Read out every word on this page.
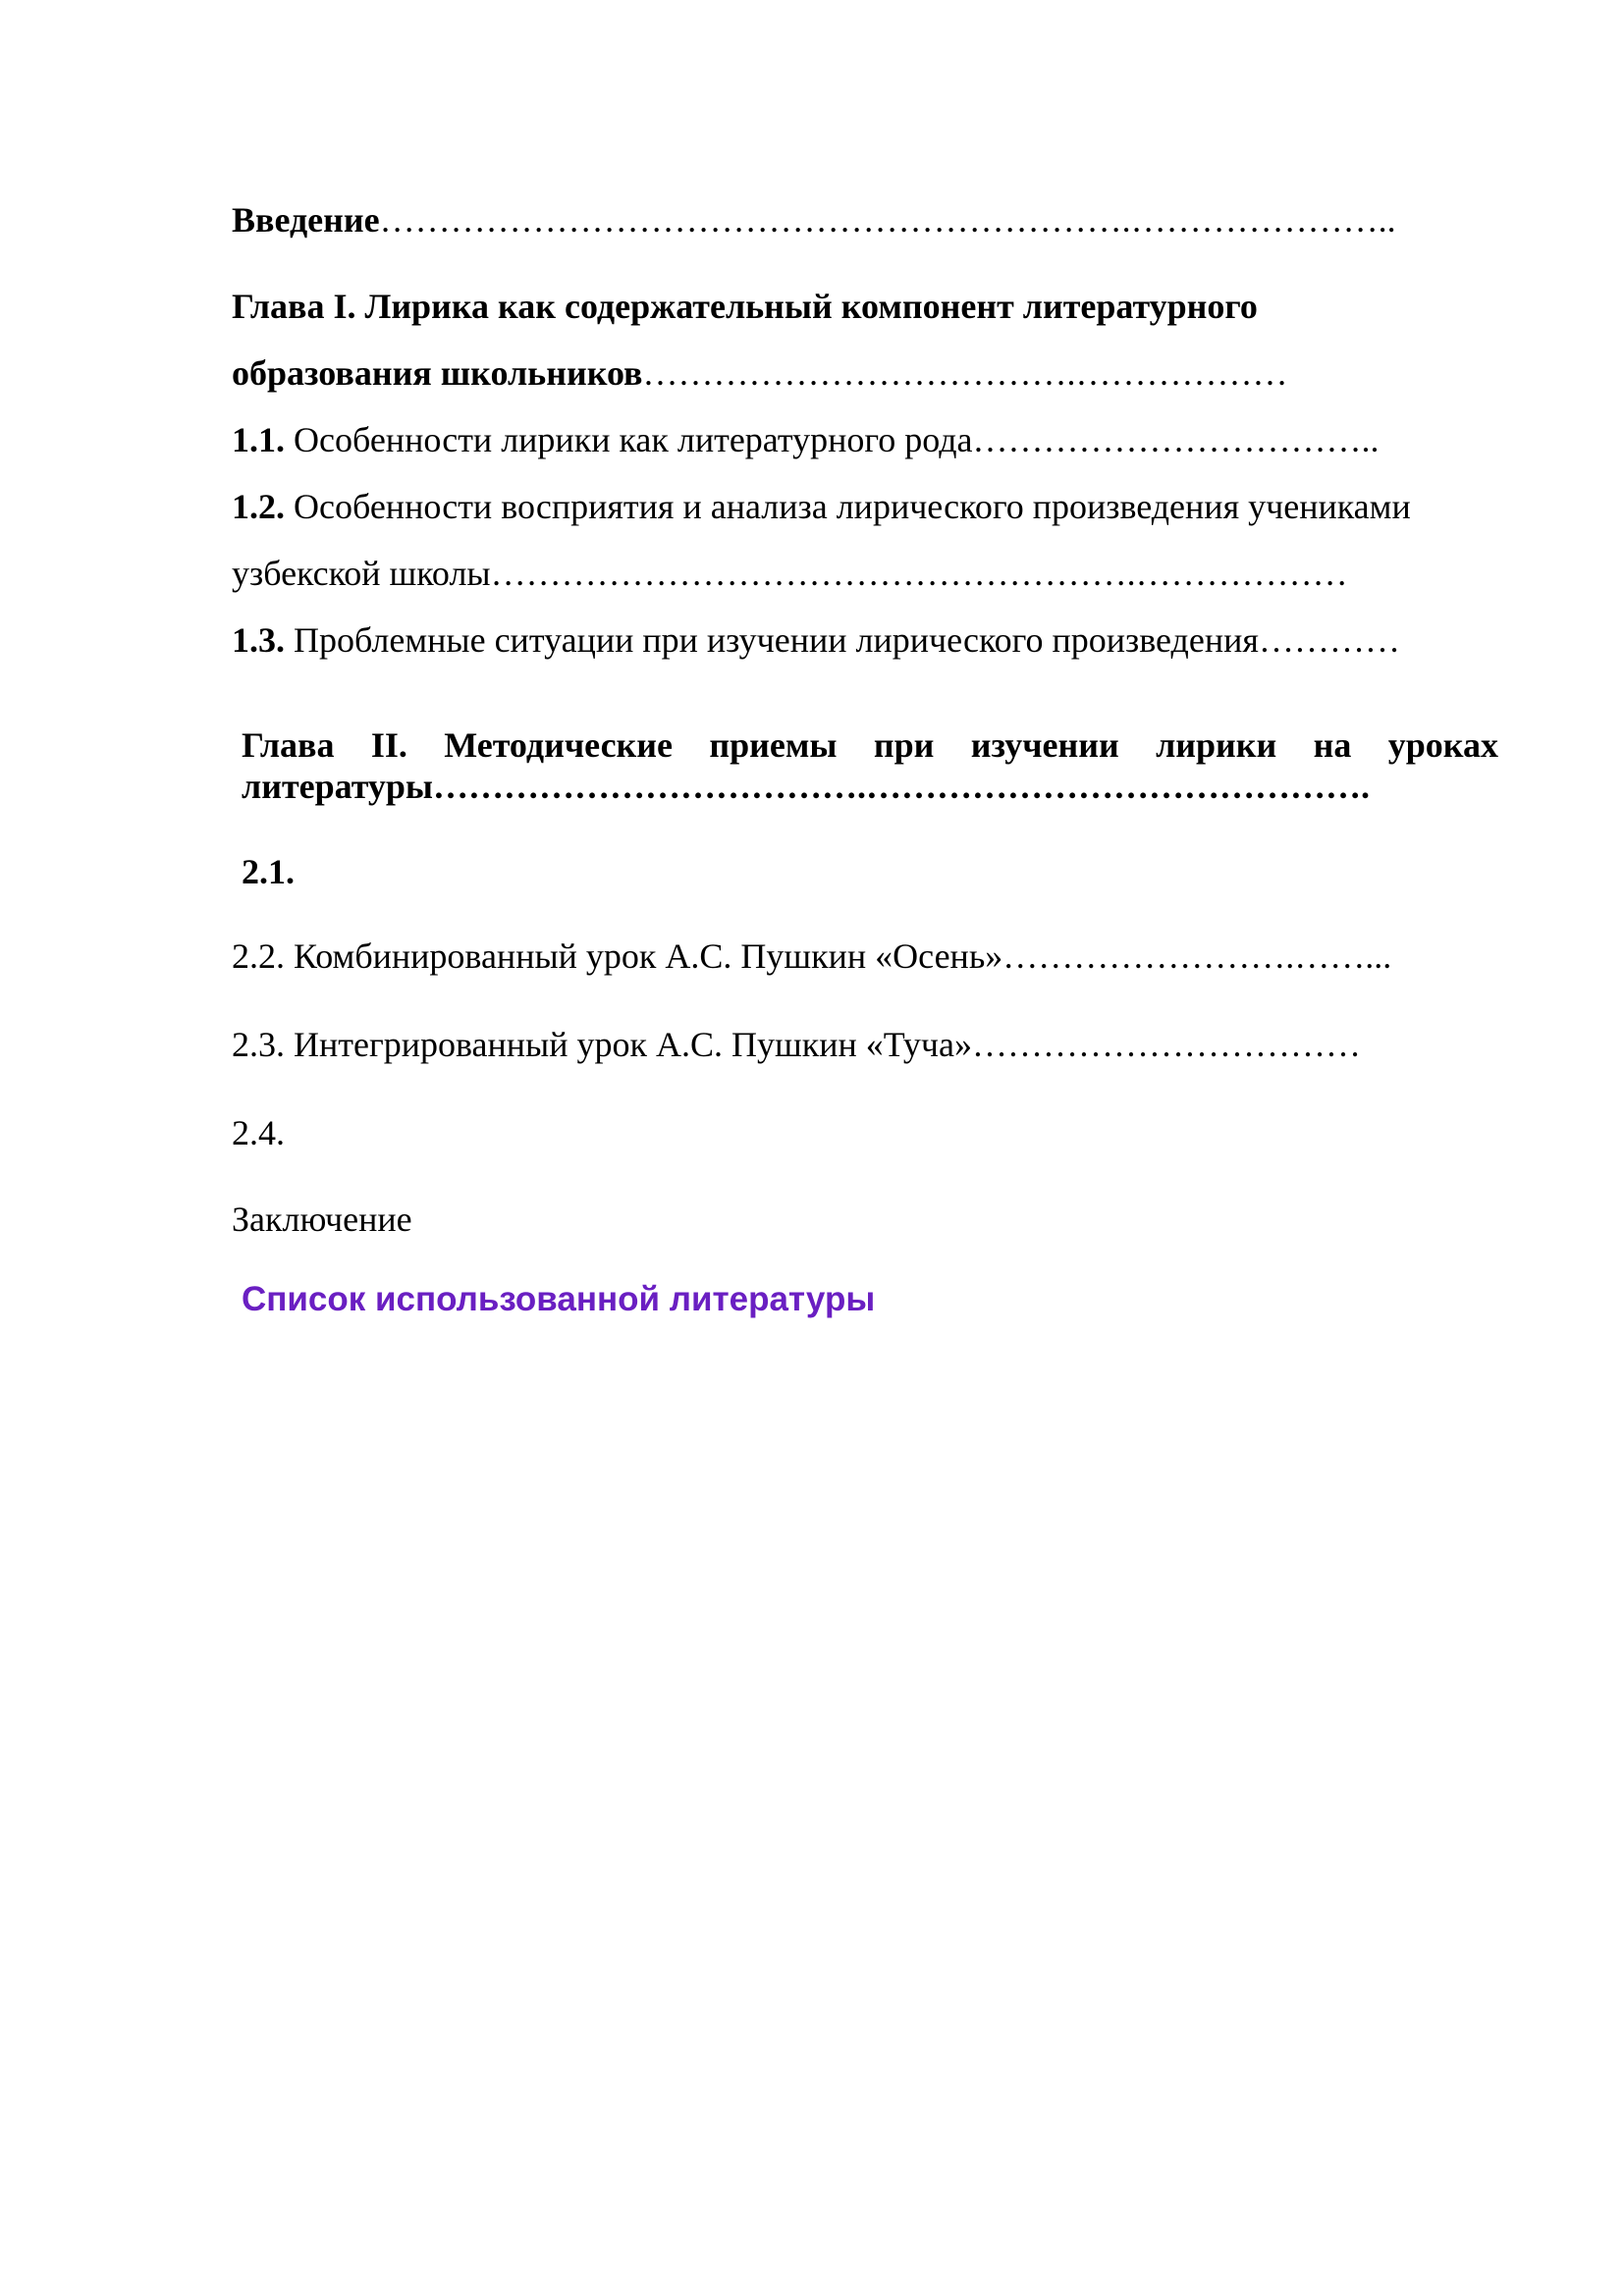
Введение……………………………………………………….…………………..
Глава I. Лирика как содержательный компонент литературного
образования школьников……………………………….………………
1.1. Особенности лирики как литературного рода……………………………..
1.2. Особенности восприятия и анализа лирического произведения учениками
узбекской школы……………………………………………….………………
1.3. Проблемные ситуации при изучении лирического произведения…………
Глава II. Методические приемы при изучении лирики на уроках
литературы……………………………….…………………………………….
2.1.
2.2. Комбинированный урок А.С. Пушкин «Осень»…………………….……...
2.3. Интегрированный урок А.С. Пушкин «Туча»……………………………
2.4.
Заключение
Список использованной литературы
